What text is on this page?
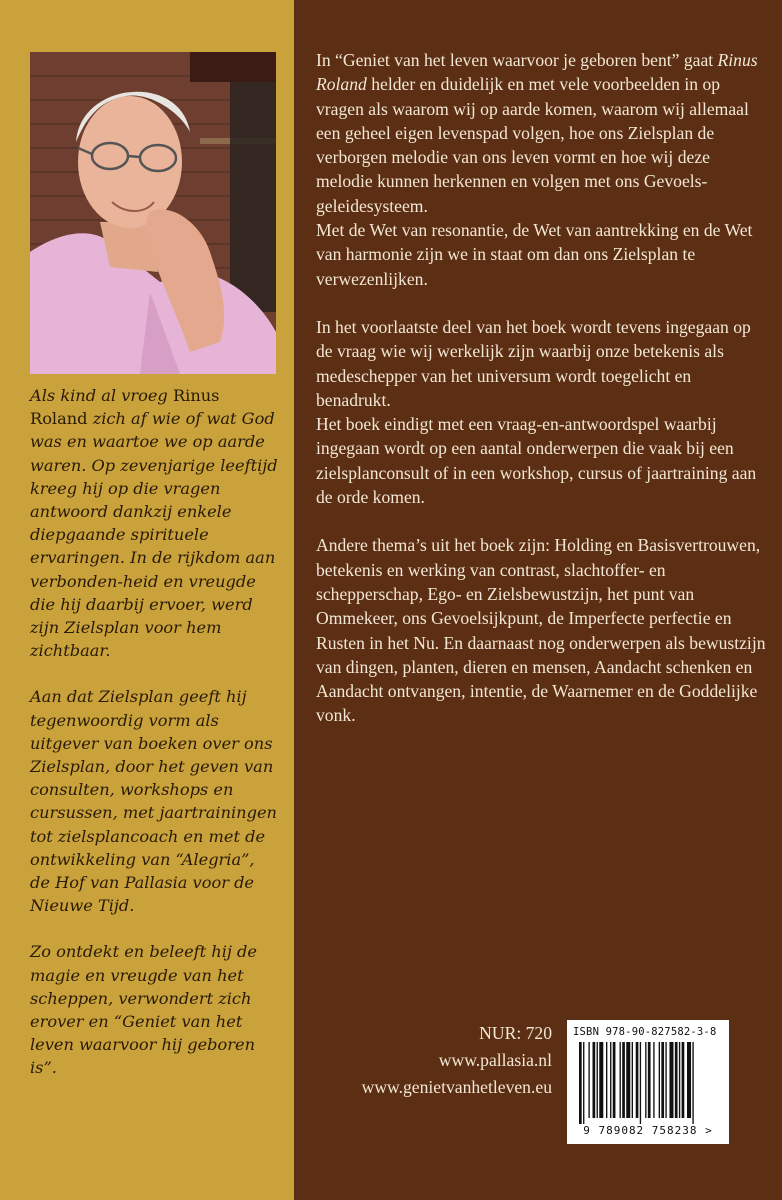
Als kind al vroeg Rinus Roland zich af wie of wat God was en waartoe we op aarde waren. Op zevenjarige leeftijd kreeg hij op die vragen antwoord dankzij enkele diepgaande spirituele ervaringen. In de rijkdom aan verbonden-heid en vreugde die hij daarbij ervoer, werd zijn Zielsplan voor hem zichtbaar.

Aan dat Zielsplan geeft hij tegenwoordig vorm als uitgever van boeken over ons Zielsplan, door het geven van consulten, workshops en cursussen, met jaartrainingen tot zielsplancoach en met de ontwikkeling van “Alegria”, de Hof van Pallasia voor de Nieuwe Tijd.

Zo ontdekt en beleeft hij de magie en vreugde van het scheppen, verwondert zich erover en “Geniet van het leven waarvoor hij geboren is”.

In “Geniet van het leven waarvoor je geboren bent” gaat Rinus Roland helder en duidelijk en met vele voorbeelden in op vragen als waarom wij op aarde komen, waarom wij allemaal een geheel eigen levenspad volgen, hoe ons Zielsplan de verborgen melodie van ons leven vormt en hoe wij deze melodie kunnen herkennen en volgen met ons Gevoels-geleidesysteem.

Met de Wet van resonantie, de Wet van aantrekking en de Wet van harmonie zijn we in staat om dan ons Zielsplan te verwezenlijken.

In het voorlaatste deel van het boek wordt tevens ingegaan op de vraag wie wij werkelijk zijn waarbij onze betekenis als medeschepper van het universum wordt toegelicht en benadrukt.

Het boek eindigt met een vraag-en-antwoordspel waarbij ingegaan wordt op een aantal onderwerpen die vaak bij een zielsplanconsult of in een workshop, cursus of jaartraining aan de orde komen.

Andere thema’s uit het boek zijn: Holding en Basisvertrouwen, betekenis en werking van contrast, slachtoffer- en schepperschap, Ego- en Zielsbewustzijn, het punt van Ommekeer, ons Gevoelsijkpunt, de Imperfecte perfectie en Rusten in het Nu. En daarnaast nog onderwerpen als bewustzijn van dingen, planten, dieren en mensen, Aandacht schenken en Aandacht ontvangen, intentie, de Waarnemer en de Goddelijke vonk.

NUR: 720
www.pallasia.nl
www.genietvanhetleven.eu
ISBN 978-90-827582-3-8
9 789082 758238 >
